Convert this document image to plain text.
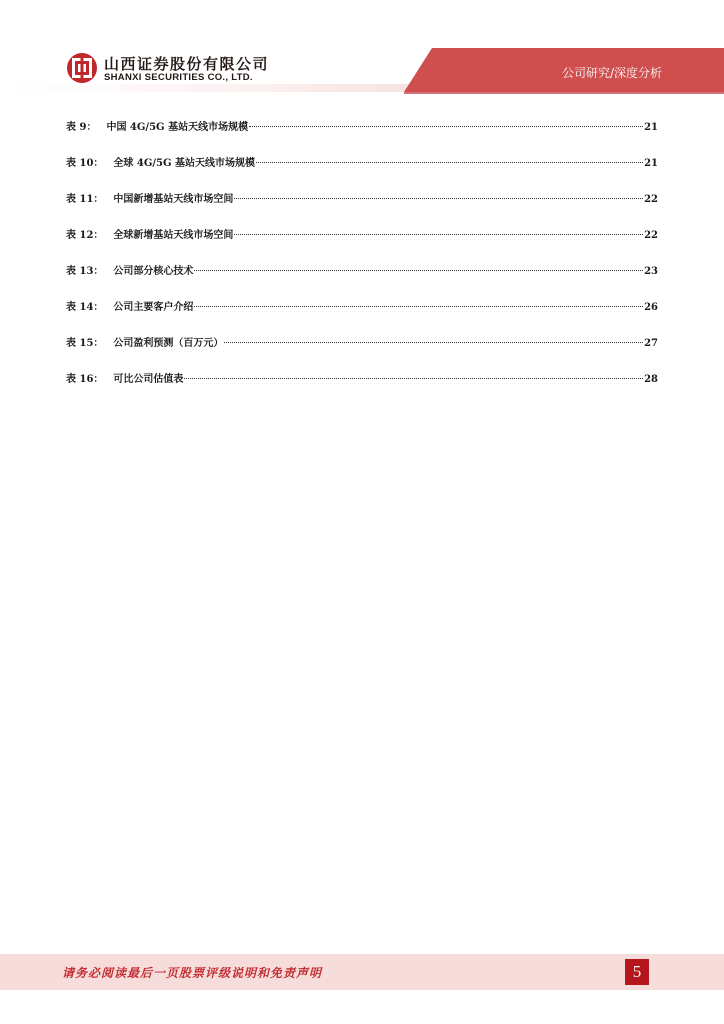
山西证券股份有限公司
SHANXI SECURITIES CO., LTD.	公司研究/深度分析
表 9：	中国 4G/5G 基站天线市场规模	21
表 10：	全球 4G/5G 基站天线市场规模	21
表 11：	中国新增基站天线市场空间	22
表 12：	全球新增基站天线市场空间	22
表 13：	公司部分核心技术	23
表 14：	公司主要客户介绍	26
表 15：	公司盈利预测（百万元）	27
表 16：	可比公司估值表	28
请务必阅读最后一页股票评级说明和免责声明	5
